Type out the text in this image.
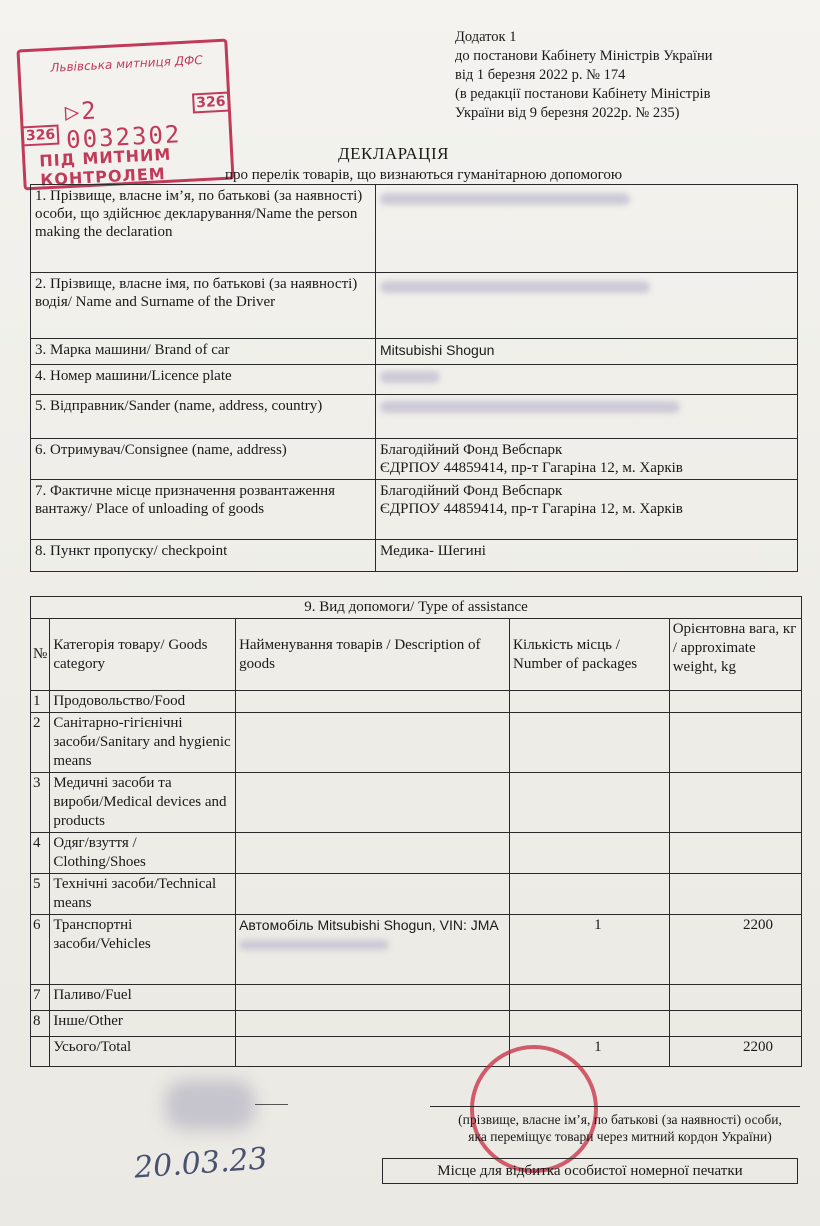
Львівська митниця ДФС
326
▷2 0032302
326
ПІД МИТНИМ КОНТРОЛЕМ
Додаток 1
до постанови Кабінету Міністрів України
від 1 березня 2022 р. № 174
(в редакції постанови Кабінету Міністрів
України від 9 березня 2022р. № 235)
ДЕКЛАРАЦІЯ
про перелік товарів, що визнаються гуманітарною допомогою
1. Прізвище, власне ім’я, по батькові (за наявності) особи, що здійснює декларування/Name the person making the declaration	
2. Прізвище, власне імя, по батькові (за наявності) водія/ Name and Surname of the Driver	
3. Марка машини/ Brand of car	Mitsubishi Shogun
4. Номер машини/Licence plate	
5. Відправник/Sander (name, address, country)	
6. Отримувач/Consignee (name, address)	Благодійний Фонд Вебспарк
ЄДРПОУ 44859414, пр-т Гагаріна 12, м. Харків

7. Фактичне місце призначення розвантаження вантажу/ Place of unloading of goods	Благодійний Фонд Вебспарк
ЄДРПОУ 44859414, пр-т Гагаріна 12, м. Харків

8. Пункт пропуску/ checkpoint	Медика- Шегині
9. Вид допомоги/ Type of assistance				
№	Категорія товару/ Goods category	Найменування товарів / Description of goods	Кількість місць / Number of packages	Орієнтовна вага, кг / approximate weight, kg
1	Продовольство/Food			
2	Санітарно-гігієнічні засоби/Sanitary and hygienic means			
3	Медичні засоби та вироби/Medical devices and products			
4	Одяг/взуття / Clothing/Shoes			
5	Технічні засоби/Technical means			
6	Транспортні засоби/Vehicles	Автомобіль Mitsubishi Shogun, VIN: JMA	1	2200
7	Паливо/Fuel			
8	Інше/Other			
	Усього/Total		1	2200
(прізвище, власне ім’я, по батькові (за наявності) особи,
яка переміщує товари через митний кордон України)
20.03.23	Місце для відбитка особистої номерної печатки
